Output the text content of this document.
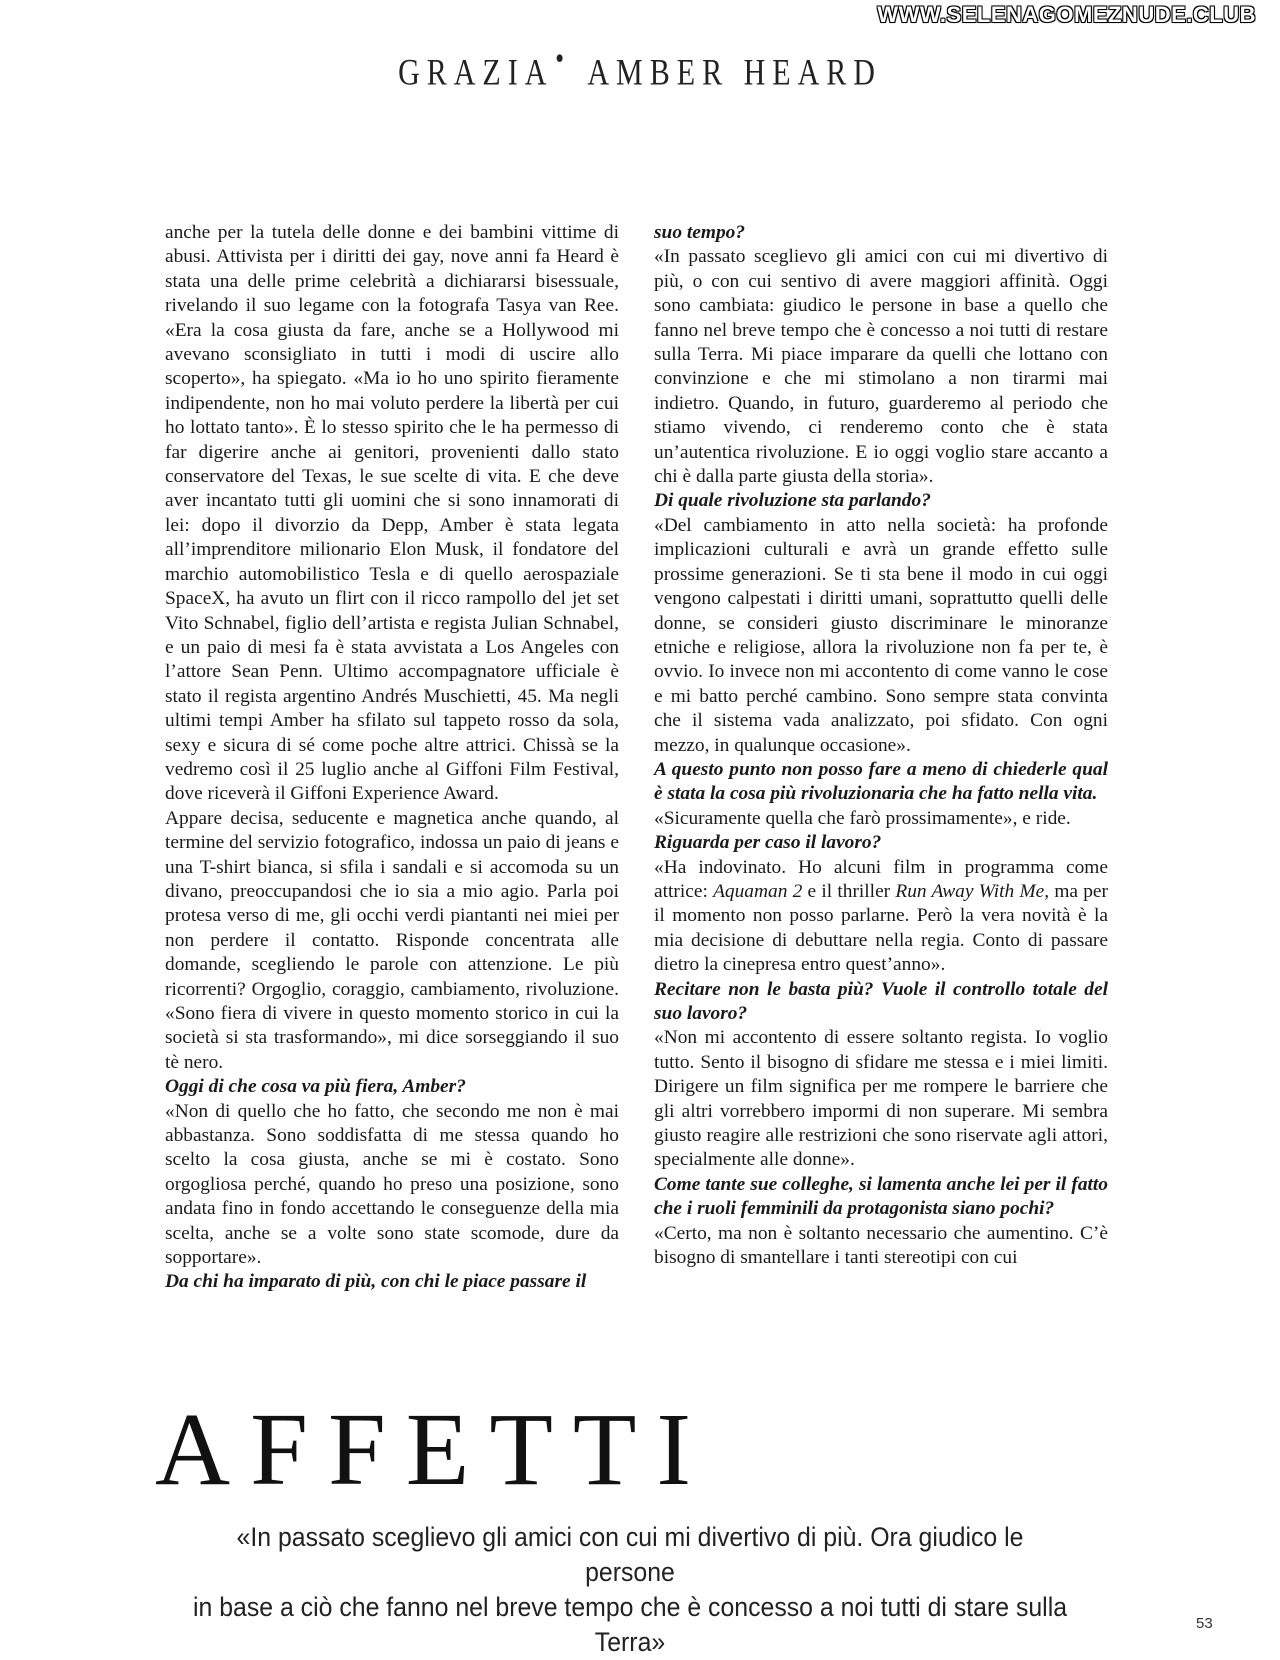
WWW.SELENAGOMEZNUDE.CLUB
GRAZIA ● AMBER HEARD

anche per la tutela delle donne e dei bambini vittime di abusi. Attivista per i diritti dei gay, nove anni fa Heard è stata una delle prime celebrità a dichiararsi bisessuale, rivelando il suo legame con la fotografa Tasya van Ree. «Era la cosa giusta da fare, anche se a Hollywood mi avevano sconsigliato in tutti i modi di uscire allo scoperto», ha spiegato. «Ma io ho uno spirito fieramente indipendente, non ho mai voluto perdere la libertà per cui ho lottato tanto». È lo stesso spirito che le ha permesso di far digerire anche ai genitori, provenienti dallo stato conservatore del Texas, le sue scelte di vita. E che deve aver incantato tutti gli uomini che si sono innamorati di lei: dopo il divorzio da Depp, Amber è stata legata all’imprenditore milionario Elon Musk, il fondatore del marchio automobilistico Tesla e di quello aerospaziale SpaceX, ha avuto un flirt con il ricco rampollo del jet set Vito Schnabel, figlio dell’artista e regista Julian Schnabel, e un paio di mesi fa è stata avvistata a Los Angeles con l’attore Sean Penn. Ultimo accompagnatore ufficiale è stato il regista argentino Andrés Muschietti, 45. Ma negli ultimi tempi Amber ha sfilato sul tappeto rosso da sola, sexy e sicura di sé come poche altre attrici. Chissà se la vedremo così il 25 luglio anche al Giffoni Film Festival, dove riceverà il Giffoni Experience Award.

Appare decisa, seducente e magnetica anche quando, al termine del servizio fotografico, indossa un paio di jeans e una T-shirt bianca, si sfila i sandali e si accomoda su un divano, preoccupandosi che io sia a mio agio. Parla poi protesa verso di me, gli occhi verdi piantanti nei miei per non perdere il contatto. Risponde concentrata alle domande, scegliendo le parole con attenzione. Le più ricorrenti? Orgoglio, coraggio, cambiamento, rivoluzione. «Sono fiera di vivere in questo momento storico in cui la società si sta trasformando», mi dice sorseggiando il suo tè nero.

Oggi di che cosa va più fiera, Amber?

«Non di quello che ho fatto, che secondo me non è mai abbastanza. Sono soddisfatta di me stessa quando ho scelto la cosa giusta, anche se mi è costato. Sono orgogliosa perché, quando ho preso una posizione, sono andata fino in fondo accettando le conseguenze della mia scelta, anche se a volte sono state scomode, dure da sopportare».

Da chi ha imparato di più, con chi le piace passare il

suo tempo?

«In passato sceglievo gli amici con cui mi divertivo di più, o con cui sentivo di avere maggiori affinità. Oggi sono cambiata: giudico le persone in base a quello che fanno nel breve tempo che è concesso a noi tutti di restare sulla Terra. Mi piace imparare da quelli che lottano con convinzione e che mi stimolano a non tirarmi mai indietro. Quando, in futuro, guarderemo al periodo che stiamo vivendo, ci renderemo conto che è stata un’autentica rivoluzione. E io oggi voglio stare accanto a chi è dalla parte giusta della storia».

Di quale rivoluzione sta parlando?

«Del cambiamento in atto nella società: ha profonde implicazioni culturali e avrà un grande effetto sulle prossime generazioni. Se ti sta bene il modo in cui oggi vengono calpestati i diritti umani, soprattutto quelli delle donne, se consideri giusto discriminare le minoranze etniche e religiose, allora la rivoluzione non fa per te, è ovvio. Io invece non mi accontento di come vanno le cose e mi batto perché cambino. Sono sempre stata convinta che il sistema vada analizzato, poi sfidato. Con ogni mezzo, in qualunque occasione».

A questo punto non posso fare a meno di chiederle qual è stata la cosa più rivoluzionaria che ha fatto nella vita.

«Sicuramente quella che farò prossimamente», e ride.

Riguarda per caso il lavoro?

«Ha indovinato. Ho alcuni film in programma come attrice: Aquaman 2 e il thriller Run Away With Me, ma per il momento non posso parlarne. Però la vera novità è la mia decisione di debuttare nella regia. Conto di passare dietro la cinepresa entro quest’anno».

Recitare non le basta più? Vuole il controllo totale del suo lavoro?

«Non mi accontento di essere soltanto regista. Io voglio tutto. Sento il bisogno di sfidare me stessa e i miei limiti. Dirigere un film significa per me rompere le barriere che gli altri vorrebbero impormi di non superare. Mi sembra giusto reagire alle restrizioni che sono riservate agli attori, specialmente alle donne».

Come tante sue colleghe, si lamenta anche lei per il fatto che i ruoli femminili da protagonista siano pochi?

«Certo, ma non è soltanto necessario che aumentino. C’è bisogno di smantellare i tanti stereotipi con cui

AFFETTI
«In passato sceglievo gli amici con cui mi divertivo di più. Ora giudico le persone
in base a ciò che fanno nel breve tempo che è concesso a noi tutti di stare sulla Terra»
53
